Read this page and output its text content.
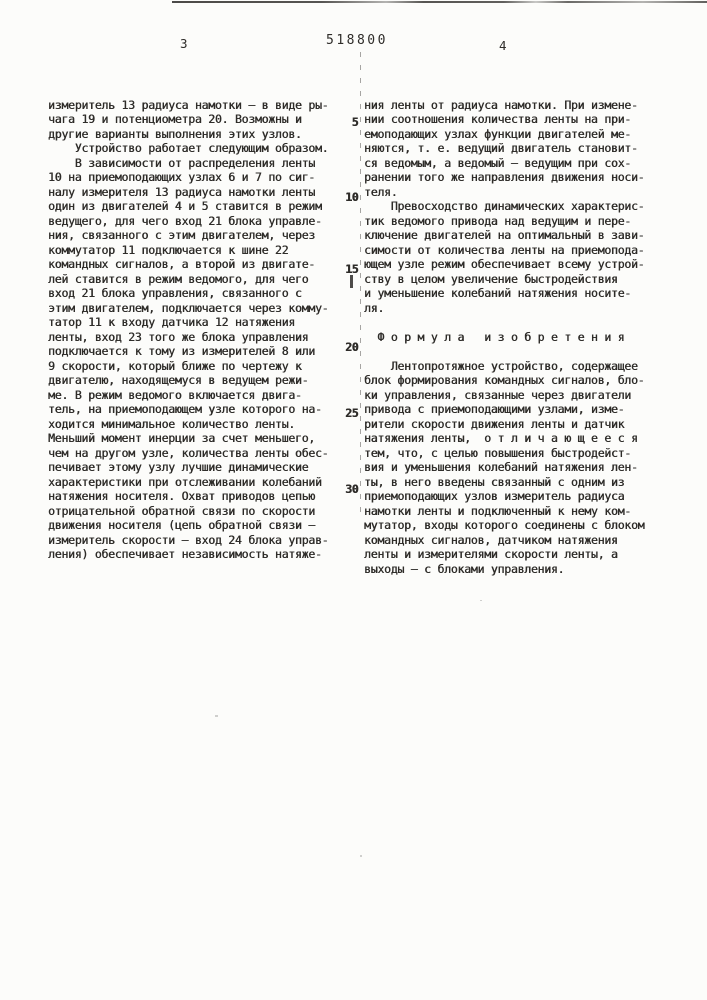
3	518800	4

измеритель 13 радиуса намотки — в виде ры-
чага 19 и потенциометра 20. Возможны и
другие варианты выполнения этих узлов.
Устройство работает следующим образом.
В зависимости от распределения ленты
10 на приемоподающих узлах 6 и 7 по сиг-
налу измерителя 13 радиуса намотки ленты
один из двигателей 4 и 5 ставится в режим
ведущего, для чего вход 21 блока управле-
ния, связанного с этим двигателем, через
коммутатор 11 подключается к шине 22
командных сигналов, а второй из двигате-
лей ставится в режим ведомого, для чего
вход 21 блока управления, связанного с
этим двигателем, подключается через комму-
татор 11 к входу датчика 12 натяжения
ленты, вход 23 того же блока управления
подключается к тому из измерителей 8 или
9 скорости, который ближе по чертежу к
двигателю, находящемуся в ведущем режи-
ме. В режим ведомого включается двига-
тель, на приемоподающем узле которого на-
ходится минимальное количество ленты.
Меньший момент инерции за счет меньшего,
чем на другом узле, количества ленты обес-
печивает этому узлу лучшие динамические
характеристики при отслеживании колебаний
натяжения носителя. Охват приводов цепью
отрицательной обратной связи по скорости
движения носителя (цепь обратной связи —
измеритель скорости — вход 24 блока управ-
ления) обеспечивает независимость натяже-
5
10
15
20
25
30

ния ленты от радиуса намотки. При измене-
нии соотношения количества ленты на при-
емоподающих узлах функции двигателей ме-
няются, т. е. ведущий двигатель становит-
ся ведомым, а ведомый — ведущим при сох-
ранении того же направления движения носи-
теля.
Превосходство динамических характерис-
тик ведомого привода над ведущим и пере-
ключение двигателей на оптимальный в зави-
симости от количества ленты на приемопода-
ющем узле режим обеспечивает всему устрой-
ству в целом увеличение быстродействия
и уменьшение колебаний натяжения носите-
ля.

Ф о р м у л а   и з о б р е т е н и я

Лентопротяжное устройство, содержащее
блок формирования командных сигналов, бло-
ки управления, связанные через двигатели
привода с приемоподающими узлами, изме-
рители скорости движения ленты и датчик
натяжения ленты,  о т л и ч а ю щ е е с я
тем, что, с целью повышения быстродейст-
вия и уменьшения колебаний натяжения лен-
ты, в него введены связанный с одним из
приемоподающих узлов измеритель радиуса
намотки ленты и подключенный к нему ком-
мутатор, входы которого соединены с блоком
командных сигналов, датчиком натяжения
ленты и измерителями скорости ленты, а
выходы — с блоками управления.
